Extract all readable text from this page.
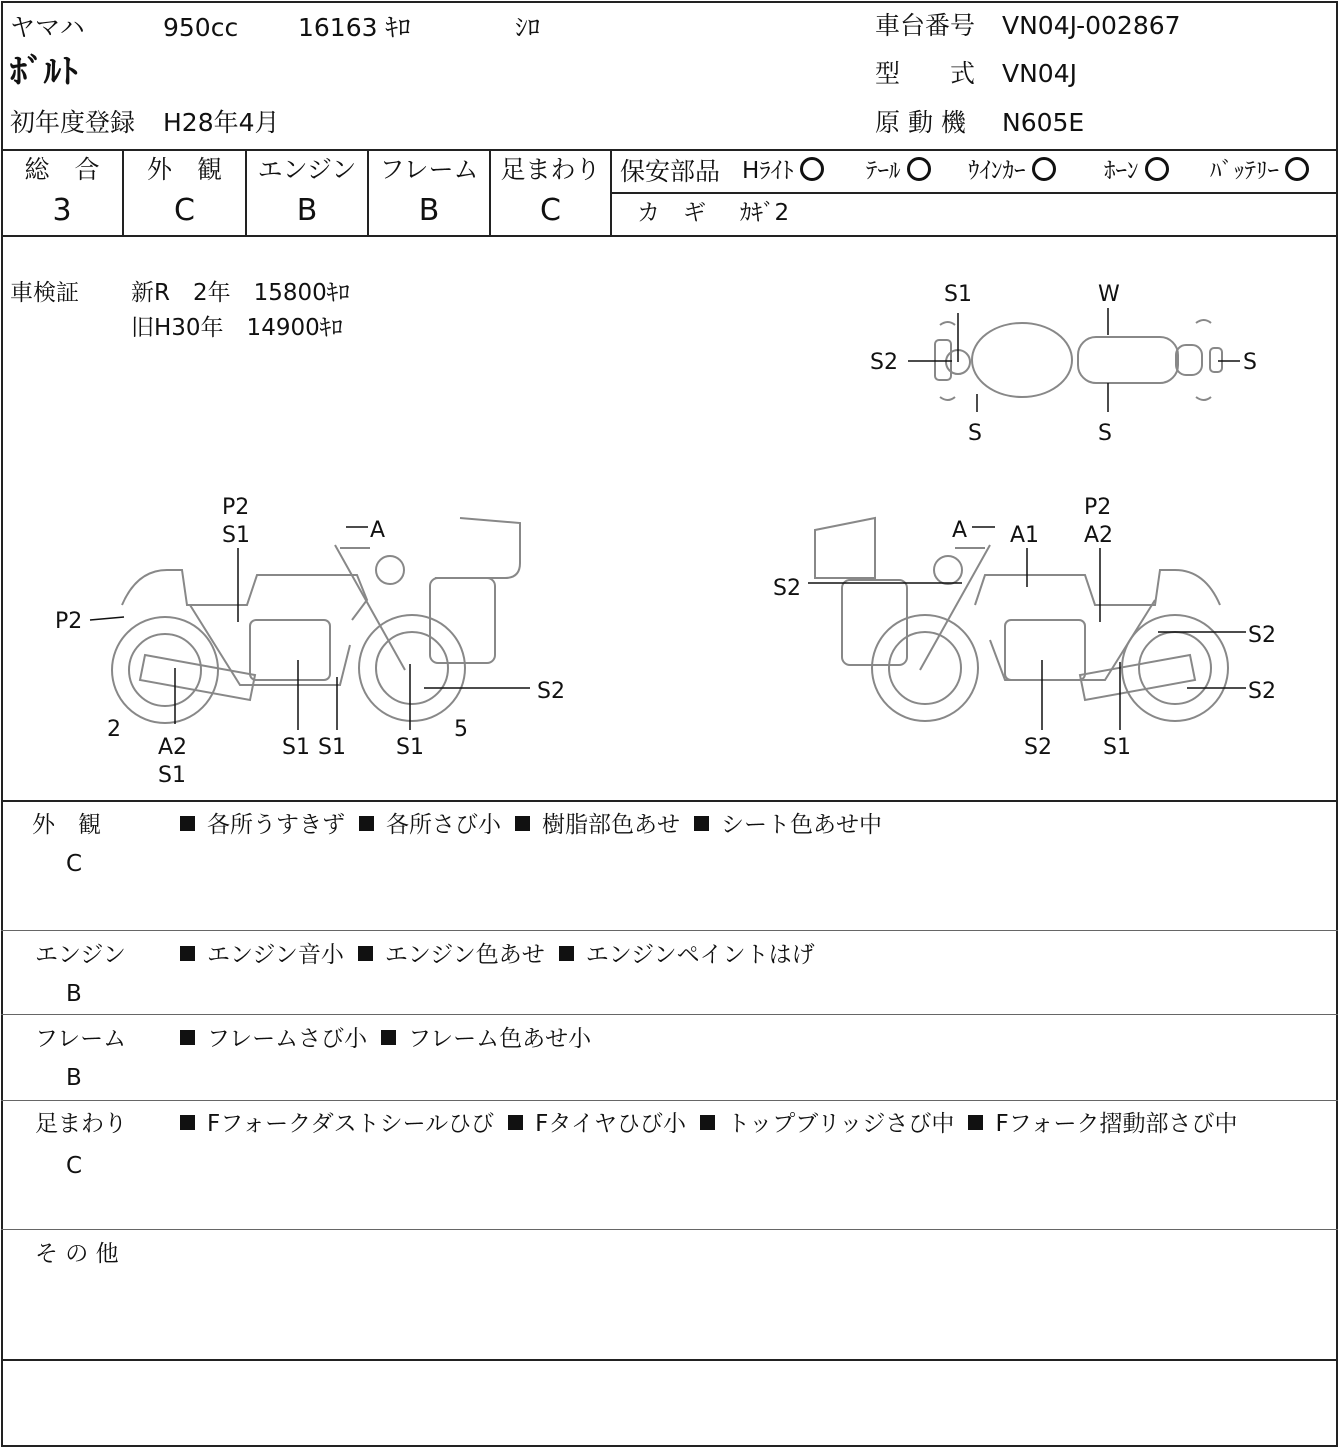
ヤマハ	950cc 16163 ｷﾛ	ｼﾛ
ﾎﾞﾙﾄ
初年度登録 H28年4月
車台番号 VN04J-002867
型　　式 VN04J
原 動 機 N605E
総　合
3
外　観
C
エンジン
B
フレーム
B
足まわり
C
保安部品 Hﾗｲﾄ	ﾃｰﾙ	ｳｲﾝｶｰ	ﾎｰﾝ	ﾊﾞｯﾃﾘｰ
カ　ギ ｶｷﾞ2
車検証 新R　2年　15800ｷﾛ
旧H30年　14900ｷﾛ
S1	W
S2
S	S
S
P2
S1	A
P2
2
A2
S1
S1 S1
S2
S1
5
A A1
P2
A2
S2
S2
S2
S2 S1
外　観
C
各所うすきず 各所さび小 樹脂部色あせ シート色あせ中
エンジン
B
エンジン音小 エンジン色あせ エンジンペイントはげ
フレーム
B
フレームさび小 フレーム色あせ小
足まわり
C
Fフォークダストシールひび Fタイヤひび小 トップブリッジさび中 Fフォーク摺動部さび中
そ の 他
